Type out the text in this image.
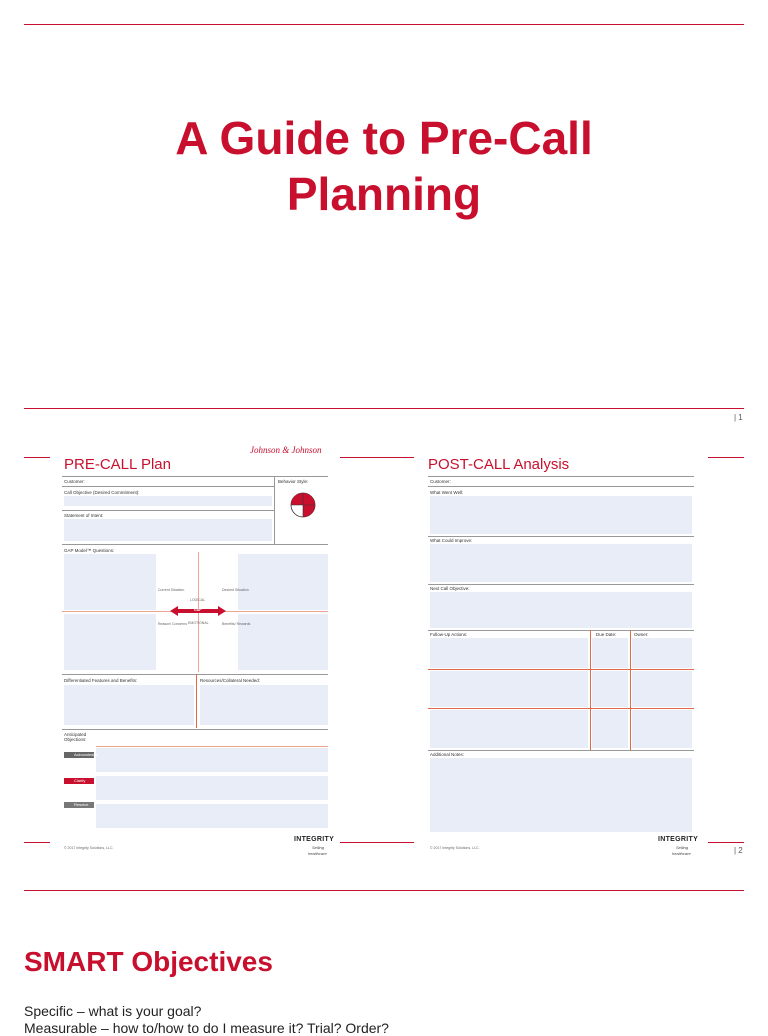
A Guide to Pre-Call
Planning
| 1
| 2
PRE-CALL Plan
Johnson & Johnson
Customer:	Behavior Style:
Call Objective (Desired Commitment):
Statement of Intent:
GAP Model™ Questions:
Current Situation	Desired Situation
Reason/ Concerns	Benefits/ Rewards
LOGICAL
EMOTIONAL
GAP
Differentiated Features and Benefits:	Resources/Collateral Needed:
Anticipated Objections:
Acknowledge
Clarify
Resolve
© 2017 Integrity Solutions, LLC.
INTEGRITY
Selling
healthcare
POST-CALL Analysis
Customer:
What Went Well:
What Could Improve:
Next Call Objective:
Follow-Up Actions:	Due Date:	Owner:
Additional Notes:
© 2017 Integrity Solutions, LLC.
INTEGRITY
Selling
healthcare
SMART Objectives
Specific – what is your goal?
Measurable – how to/how to do I measure it? Trial? Order?
